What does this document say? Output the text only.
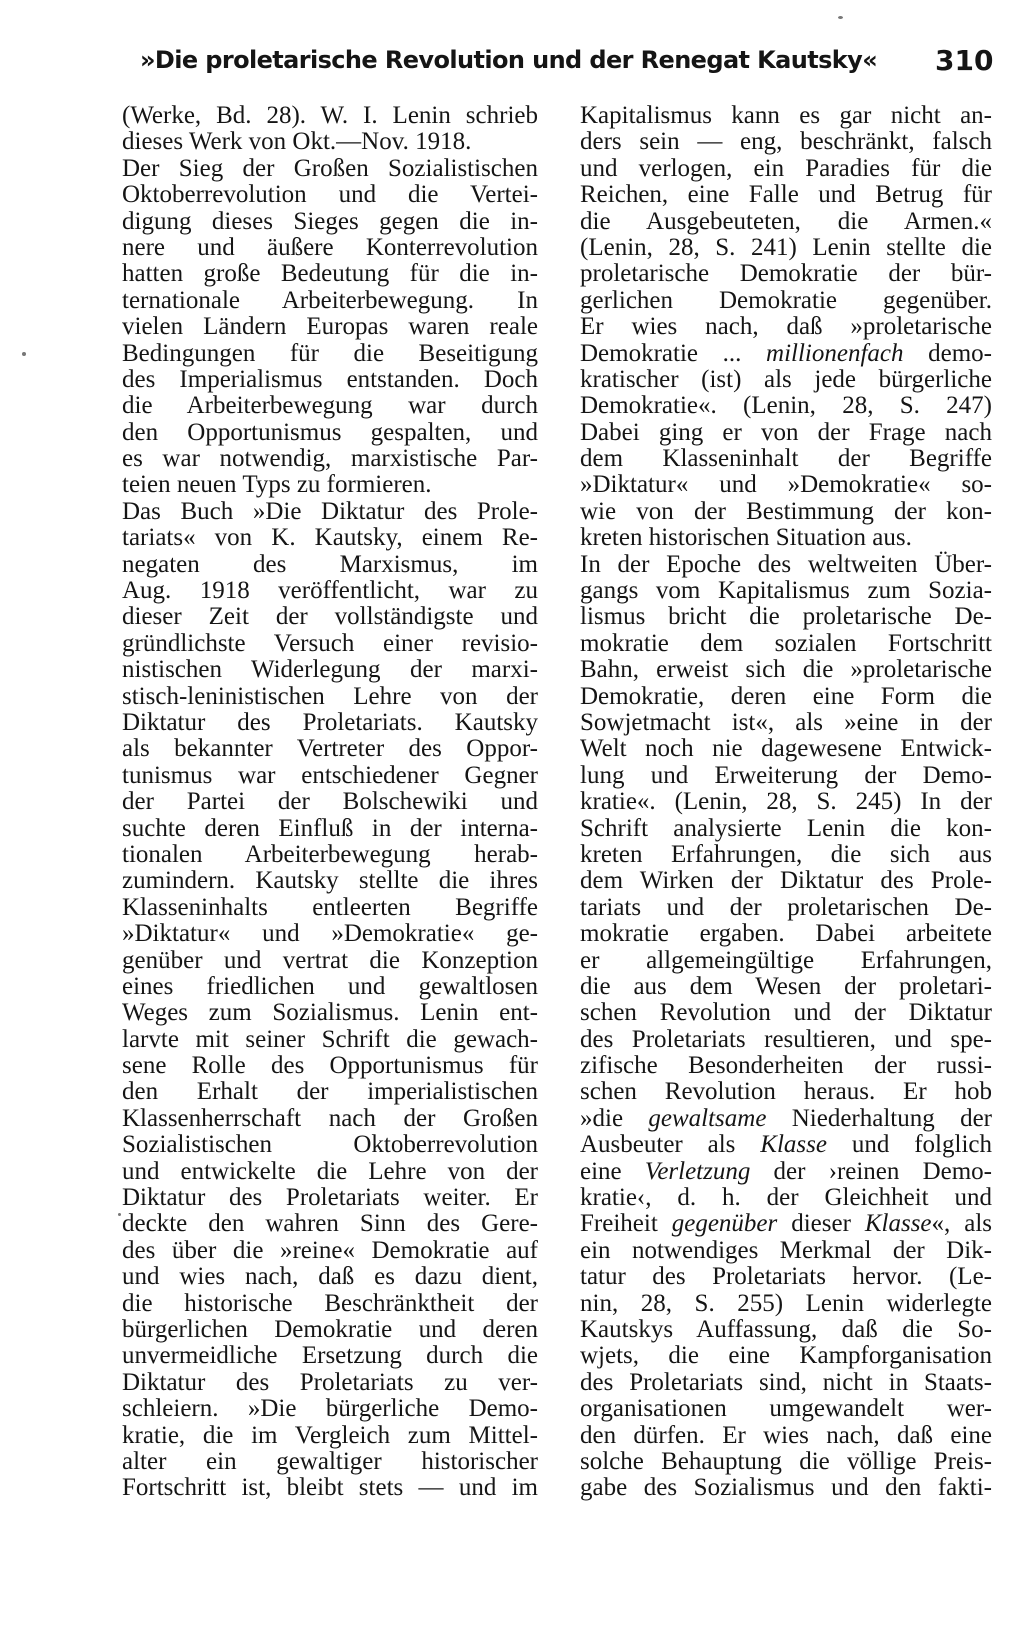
»Die proletarische Revolution und der Renegat Kautsky« 310
(Werke, Bd. 28). W. I. Lenin schrieb
dieses Werk von Okt.—Nov. 1918.
Der Sieg der Großen Sozialistischen
Oktoberrevolution und die Vertei-
digung dieses Sieges gegen die in-
nere und äußere Konterrevolution
hatten große Bedeutung für die in-
ternationale Arbeiterbewegung. In
vielen Ländern Europas waren reale
Bedingungen für die Beseitigung
des Imperialismus entstanden. Doch
die Arbeiterbewegung war durch
den Opportunismus gespalten, und
es war notwendig, marxistische Par-
teien neuen Typs zu formieren.
Das Buch »Die Diktatur des Prole-
tariats« von K. Kautsky, einem Re-
negaten des Marxismus, im
Aug. 1918 veröffentlicht, war zu
dieser Zeit der vollständigste und
gründlichste Versuch einer revisio-
nistischen Widerlegung der marxi-
stisch-leninistischen Lehre von der
Diktatur des Proletariats. Kautsky
als bekannter Vertreter des Oppor-
tunismus war entschiedener Gegner
der Partei der Bolschewiki und
suchte deren Einfluß in der interna-
tionalen Arbeiterbewegung herab-
zumindern. Kautsky stellte die ihres
Klasseninhalts entleerten Begriffe
»Diktatur« und »Demokratie« ge-
genüber und vertrat die Konzeption
eines friedlichen und gewaltlosen
Weges zum Sozialismus. Lenin ent-
larvte mit seiner Schrift die gewach-
sene Rolle des Opportunismus für
den Erhalt der imperialistischen
Klassenherrschaft nach der Großen
Sozialistischen Oktoberrevolution
und entwickelte die Lehre von der
Diktatur des Proletariats weiter. Er
deckte den wahren Sinn des Gere-
des über die »reine« Demokratie auf
und wies nach, daß es dazu dient,
die historische Beschränktheit der
bürgerlichen Demokratie und deren
unvermeidliche Ersetzung durch die
Diktatur des Proletariats zu ver-
schleiern. »Die bürgerliche Demo-
kratie, die im Vergleich zum Mittel-
alter ein gewaltiger historischer
Fortschritt ist, bleibt stets — und im
Kapitalismus kann es gar nicht an-
ders sein — eng, beschränkt, falsch
und verlogen, ein Paradies für die
Reichen, eine Falle und Betrug für
die Ausgebeuteten, die Armen.«
(Lenin, 28, S. 241) Lenin stellte die
proletarische Demokratie der bür-
gerlichen Demokratie gegenüber.
Er wies nach, daß »proletarische
Demokratie ... millionenfach demo-
kratischer (ist) als jede bürgerliche
Demokratie«. (Lenin, 28, S. 247)
Dabei ging er von der Frage nach
dem Klasseninhalt der Begriffe
»Diktatur« und »Demokratie« so-
wie von der Bestimmung der kon-
kreten historischen Situation aus.
In der Epoche des weltweiten Über-
gangs vom Kapitalismus zum Sozia-
lismus bricht die proletarische De-
mokratie dem sozialen Fortschritt
Bahn, erweist sich die »proletarische
Demokratie, deren eine Form die
Sowjetmacht ist«, als »eine in der
Welt noch nie dagewesene Entwick-
lung und Erweiterung der Demo-
kratie«. (Lenin, 28, S. 245) In der
Schrift analysierte Lenin die kon-
kreten Erfahrungen, die sich aus
dem Wirken der Diktatur des Prole-
tariats und der proletarischen De-
mokratie ergaben. Dabei arbeitete
er allgemeingültige Erfahrungen,
die aus dem Wesen der proletari-
schen Revolution und der Diktatur
des Proletariats resultieren, und spe-
zifische Besonderheiten der russi-
schen Revolution heraus. Er hob
»die gewaltsame Niederhaltung der
Ausbeuter als Klasse und folglich
eine Verletzung der ›reinen Demo-
kratie‹, d. h. der Gleichheit und
Freiheit gegenüber dieser Klasse«, als
ein notwendiges Merkmal der Dik-
tatur des Proletariats hervor. (Le-
nin, 28, S. 255) Lenin widerlegte
Kautskys Auffassung, daß die So-
wjets, die eine Kampforganisation
des Proletariats sind, nicht in Staats-
organisationen umgewandelt wer-
den dürfen. Er wies nach, daß eine
solche Behauptung die völlige Preis-
gabe des Sozialismus und den fakti-
